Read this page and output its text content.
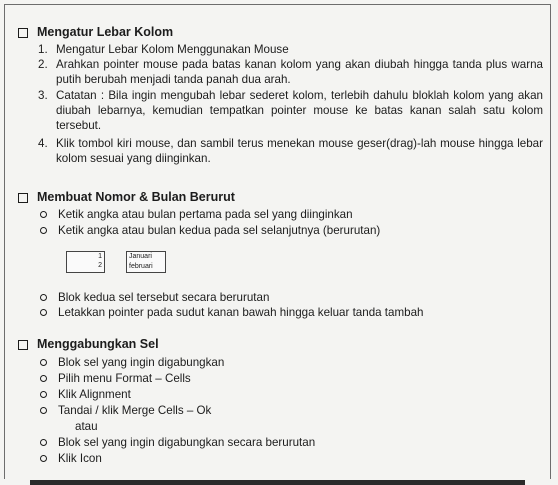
Mengatur Lebar Kolom
1. Mengatur Lebar Kolom Menggunakan Mouse
2. Arahkan pointer mouse pada batas kanan kolom yang akan diubah hingga tanda plus warna putih berubah menjadi tanda panah dua arah.
3. Catatan : Bila ingin mengubah lebar sederet kolom, terlebih dahulu bloklah kolom yang akan diubah lebarnya, kemudian tempatkan pointer mouse ke batas kanan salah satu kolom tersebut.
4. Klik tombol kiri mouse, dan sambil terus menekan mouse geser(drag)-lah mouse hingga lebar kolom sesuai yang diinginkan.
Membuat Nomor & Bulan Berurut
Ketik angka atau bulan pertama pada sel yang diinginkan
Ketik angka atau bulan kedua pada sel selanjutnya (berurutan)
1
2
Januari
februari
Blok kedua sel tersebut secara berurutan
Letakkan pointer pada sudut kanan bawah hingga keluar tanda tambah
Menggabungkan Sel
Blok sel yang ingin digabungkan
Pilih menu Format – Cells
Klik Alignment
Tandai / klik Merge Cells – Ok
atau
Blok sel yang ingin digabungkan secara berurutan
Klik Icon
